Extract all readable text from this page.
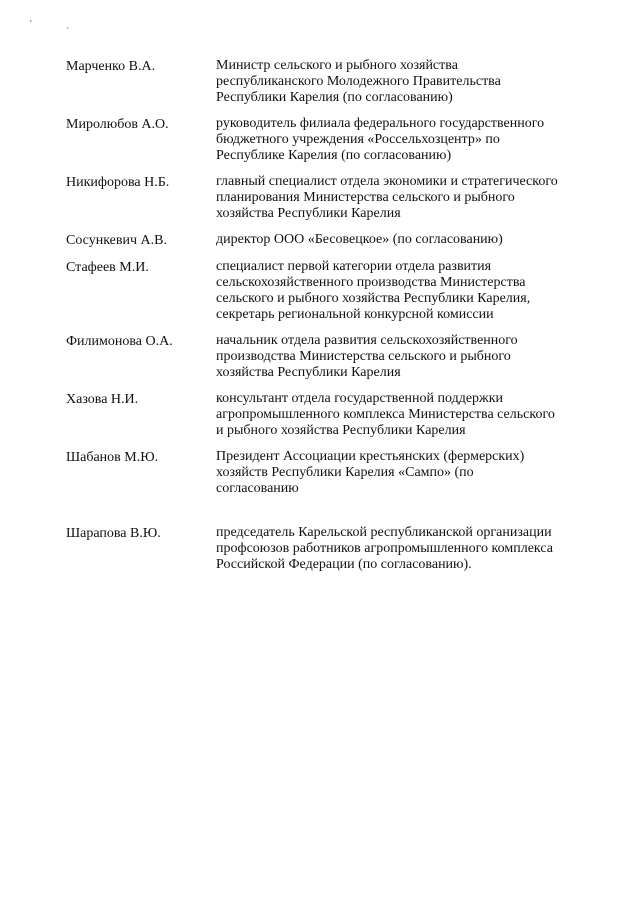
'
`
Марченко В.А.	Министр сельского и рыбного хозяйства
республиканского Молодежного Правительства
Республики Карелия (по согласованию)
Миролюбов А.О.	руководитель филиала федерального государственного
бюджетного учреждения «Россельхозцентр» по
Республике Карелия (по согласованию)
Никифорова Н.Б.	главный специалист отдела экономики и стратегического
планирования Министерства сельского и рыбного
хозяйства Республики Карелия
Сосункевич А.В.	директор ООО «Бесовецкое» (по согласованию)
Стафеев М.И.	специалист первой категории отдела развития
сельскохозяйственного производства Министерства
сельского и рыбного хозяйства Республики Карелия,
секретарь региональной конкурсной комиссии
Филимонова О.А.	начальник отдела развития сельскохозяйственного
производства Министерства сельского и рыбного
хозяйства Республики Карелия
Хазова Н.И.	консультант отдела государственной поддержки
агропромышленного комплекса Министерства сельского
и рыбного хозяйства Республики Карелия
Шабанов М.Ю.	Президент Ассоциации крестьянских (фермерских)
хозяйств Республики Карелия «Сампо» (по
согласованию
Шарапова В.Ю.	председатель Карельской республиканской организации
профсоюзов работников агропромышленного комплекса
Российской Федерации (по согласованию).
